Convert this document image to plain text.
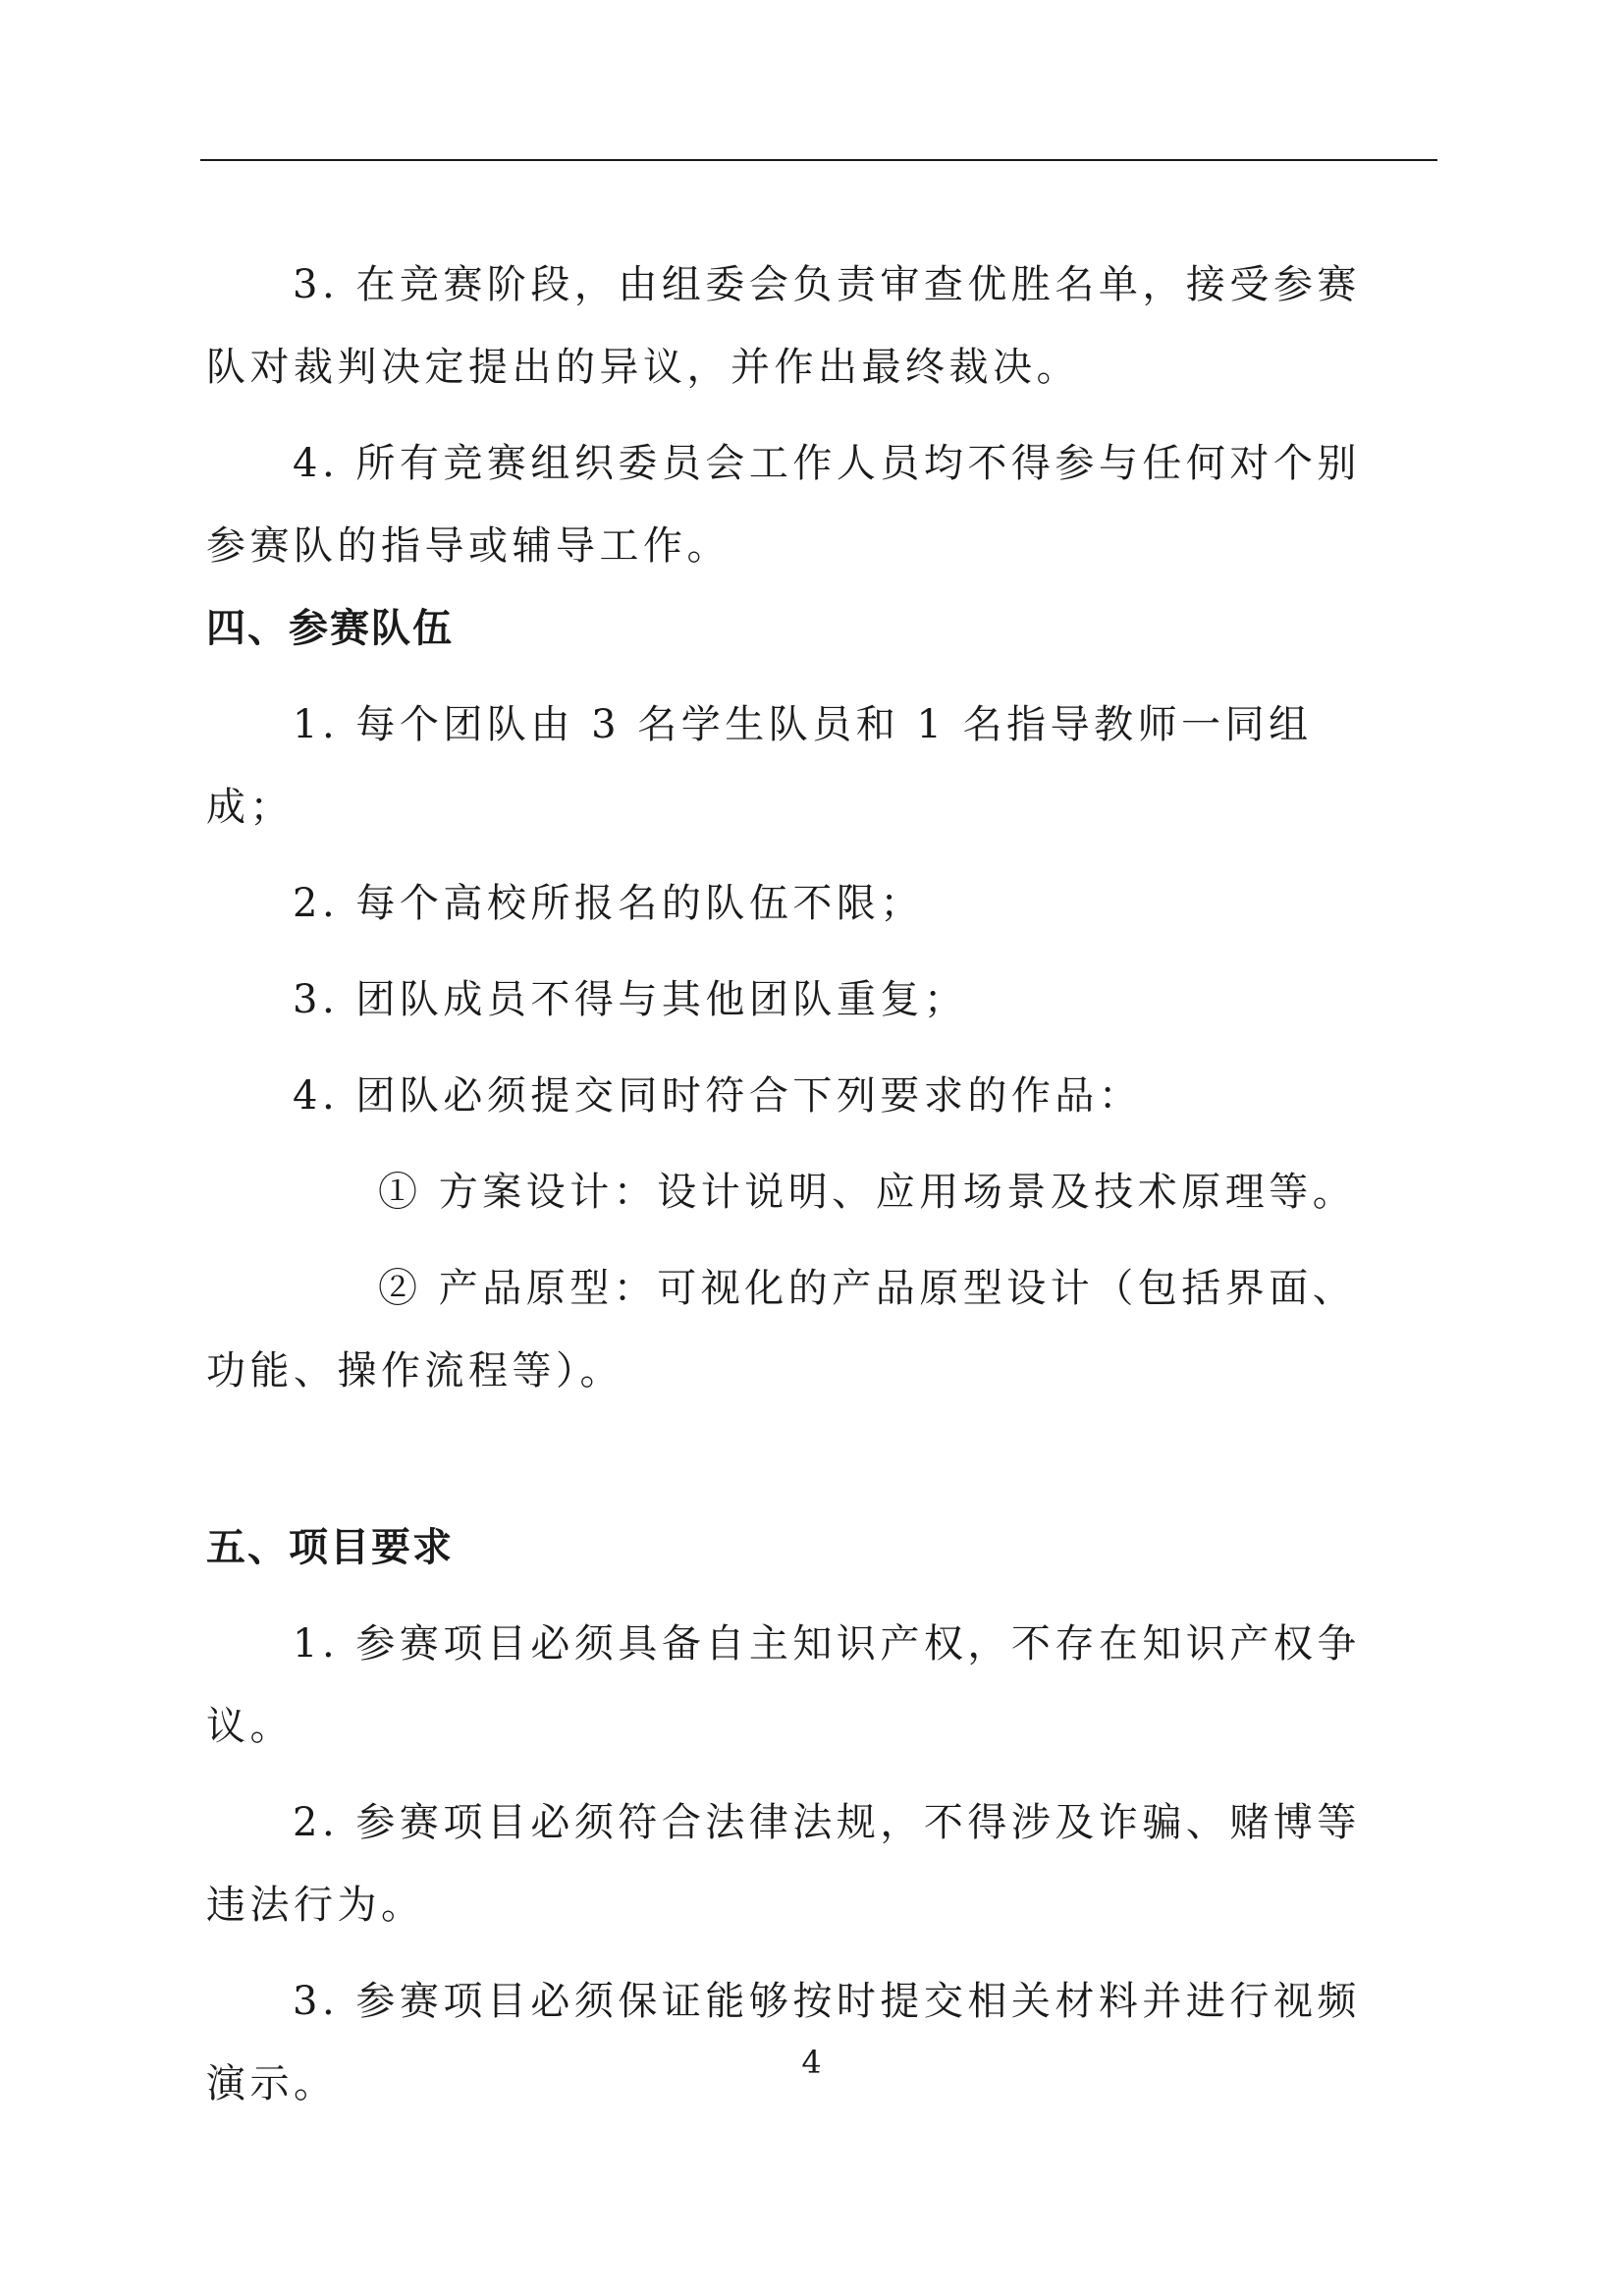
3. 在竞赛阶段，由组委会负责审查优胜名单，接受参赛队对裁判决定提出的异议，并作出最终裁决。

4. 所有竞赛组织委员会工作人员均不得参与任何对个别参赛队的指导或辅导工作。

四、参赛队伍

1. 每个团队由 3 名学生队员和 1 名指导教师一同组成；

2. 每个高校所报名的队伍不限；

3. 团队成员不得与其他团队重复；

4. 团队必须提交同时符合下列要求的作品：

① 方案设计：设计说明、应用场景及技术原理等。

② 产品原型：可视化的产品原型设计（包括界面、功能、操作流程等）。

五、项目要求

1. 参赛项目必须具备自主知识产权，不存在知识产权争议。

2. 参赛项目必须符合法律法规，不得涉及诈骗、赌博等违法行为。

3. 参赛项目必须保证能够按时提交相关材料并进行视频演示。	4
